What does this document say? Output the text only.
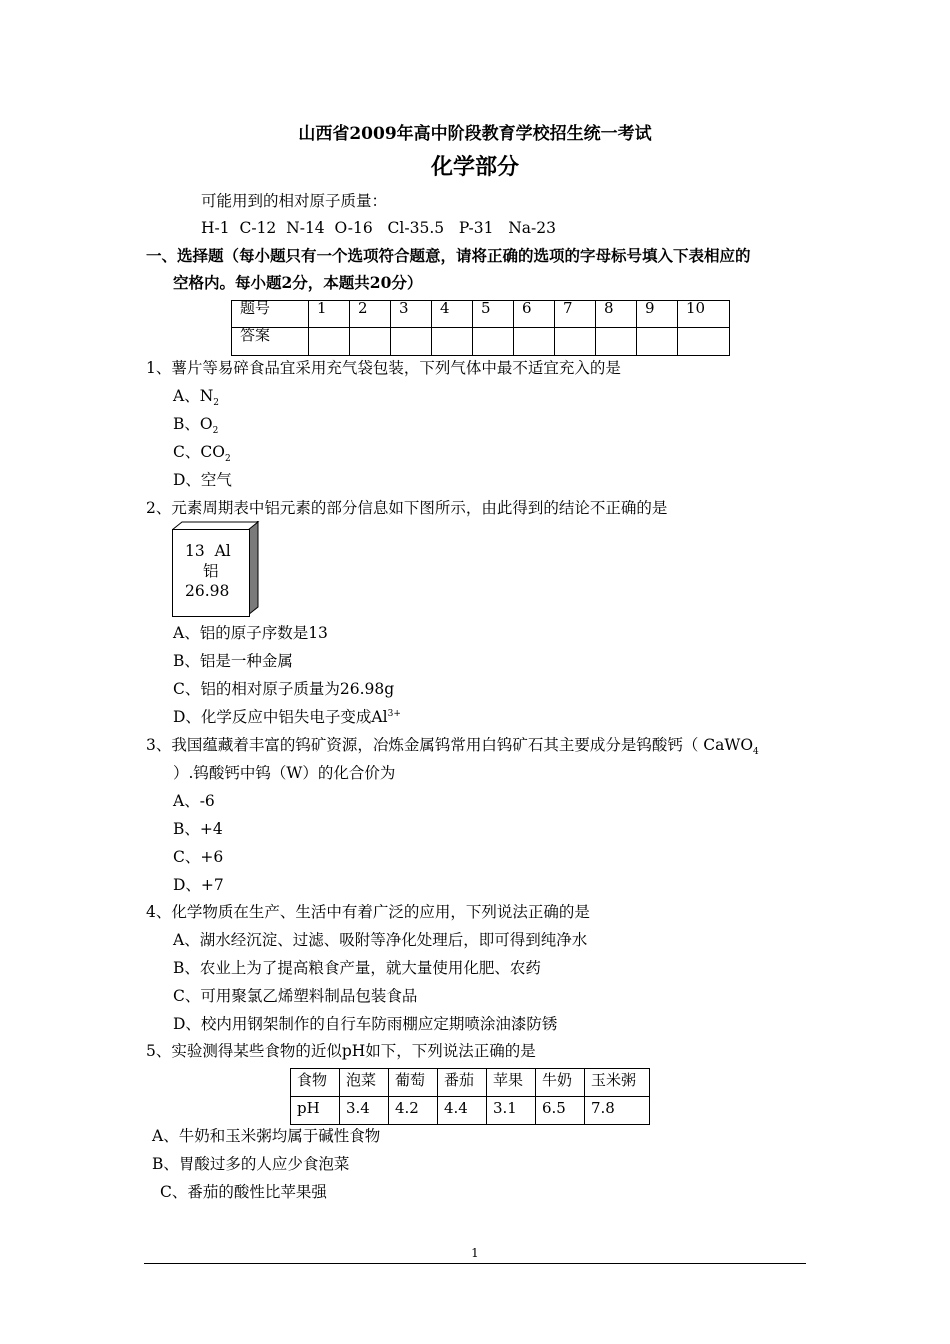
山西省2009年高中阶段教育学校招生统一考试
化学部分
可能用到的相对原子质量：
H-1  C-12  N-14  O-16   Cl-35.5   P-31   Na-23
一、选择题（每小题只有一个选项符合题意，请将正确的选项的字母标号填入下表相应的
空格内。每小题2分，本题共20分）
题号	1	2	3	4	5	6	7	8	9	10
答案										
1、薯片等易碎食品宜采用充气袋包装，下列气体中最不适宜充入的是
A、$N_2$
B、$O_2$
C、$CO_2$
D、空气
2、元素周期表中铝元素的部分信息如下图所示，由此得到的结论不正确的是
13  Al
铝
26.98
A、铝的原子序数是13
B、铝是一种金属
C、铝的相对原子质量为26.98g
D、化学反应中铝失电子变成$Al^{3+}$
3、我国蕴藏着丰富的钨矿资源，冶炼金属钨常用白钨矿石其主要成分是钨酸钙（ CaWO$_4$
）.钨酸钙中钨（W）的化合价为
A、-6
B、+4
C、+6
D、+7
4、化学物质在生产、生活中有着广泛的应用，下列说法正确的是
A、湖水经沉淀、过滤、吸附等净化处理后，即可得到纯净水
B、农业上为了提高粮食产量，就大量使用化肥、农药
C、可用聚氯乙烯塑料制品包装食品
D、校内用钢架制作的自行车防雨棚应定期喷涂油漆防锈
5、实验测得某些食物的近似pH如下，下列说法正确的是
食物	泡菜	葡萄	番茄	苹果	牛奶	玉米粥
pH	3.4	4.2	4.4	3.1	6.5	7.8
A、牛奶和玉米粥均属于碱性食物
B、胃酸过多的人应少食泡菜
C、番茄的酸性比苹果强
1
